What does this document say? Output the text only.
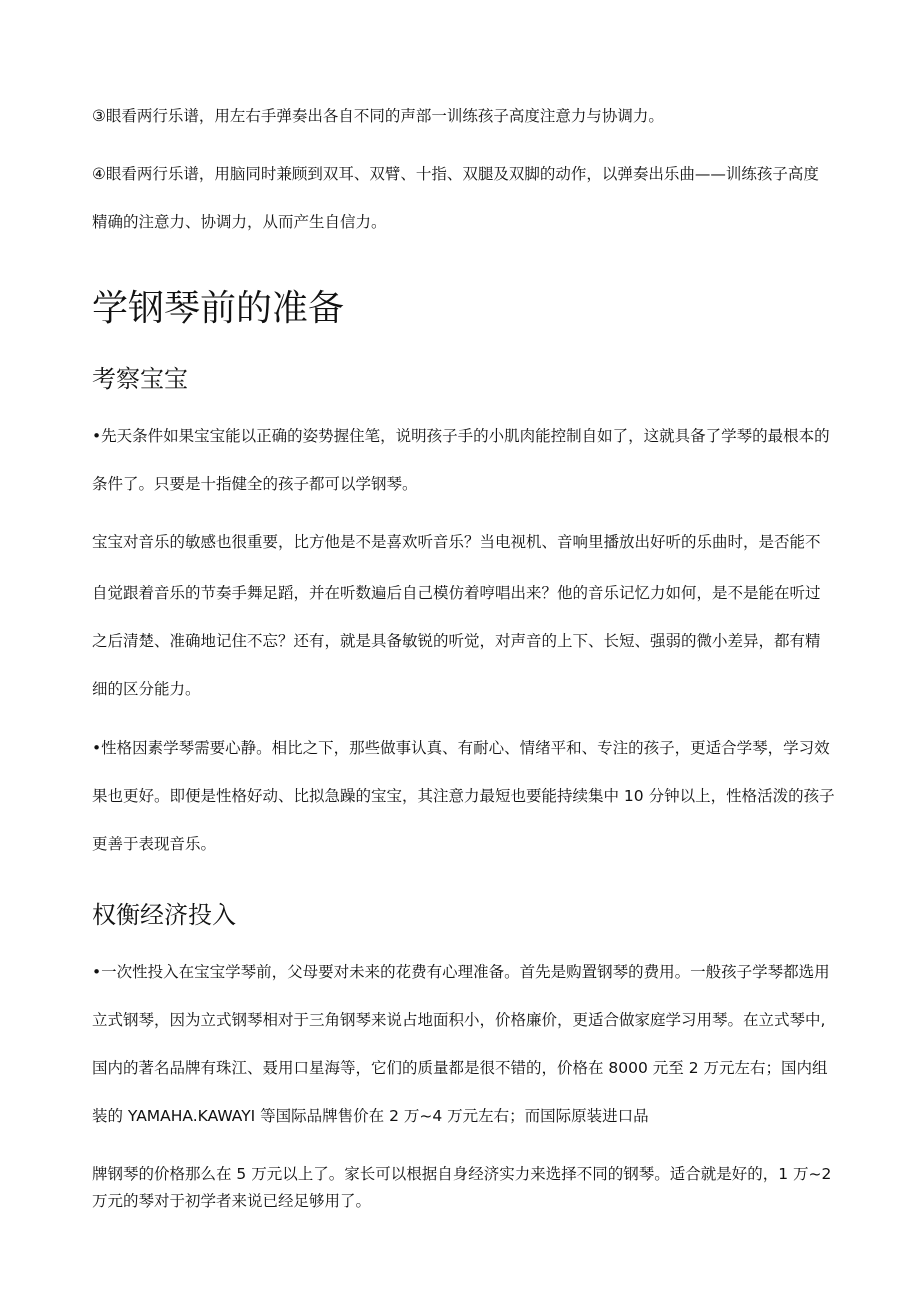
③眼看两行乐谱，用左右手弹奏出各自不同的声部一训练孩子高度注意力与协调力。
④眼看两行乐谱，用脑同时兼顾到双耳、双臂、十指、双腿及双脚的动作，以弹奏出乐曲——训练孩子高度
精确的注意力、协调力，从而产生自信力。
学钢琴前的准备
考察宝宝
•先天条件如果宝宝能以正确的姿势握住笔，说明孩子手的小肌肉能控制自如了，这就具备了学琴的最根本的
条件了。只要是十指健全的孩子都可以学钢琴。
宝宝对音乐的敏感也很重要，比方他是不是喜欢听音乐？当电视机、音响里播放出好听的乐曲时，是否能不
自觉跟着音乐的节奏手舞足蹈，并在听数遍后自己模仿着哼唱出来？他的音乐记忆力如何，是不是能在听过
之后清楚、准确地记住不忘？还有，就是具备敏锐的听觉，对声音的上下、长短、强弱的微小差异，都有精
细的区分能力。
•性格因素学琴需要心静。相比之下，那些做事认真、有耐心、情绪平和、专注的孩子，更适合学琴，学习效
果也更好。即便是性格好动、比拟急躁的宝宝，其注意力最短也要能持续集中 10 分钟以上，性格活泼的孩子
更善于表现音乐。
权衡经济投入
•一次性投入在宝宝学琴前，父母要对未来的花费有心理准备。首先是购置钢琴的费用。一般孩子学琴都选用
立式钢琴，因为立式钢琴相对于三角钢琴来说占地面积小，价格廉价，更适合做家庭学习用琴。在立式琴中,
国内的著名品牌有珠江、聂用口星海等，它们的质量都是很不错的，价格在 8000 元至 2 万元左右；国内组
装的 YAMAHA.KAWAYI 等国际品牌售价在 2 万~4 万元左右；而国际原装进口品
牌钢琴的价格那么在 5 万元以上了。家长可以根据自身经济实力来选择不同的钢琴。适合就是好的，1 万~2
万元的琴对于初学者来说已经足够用了。
